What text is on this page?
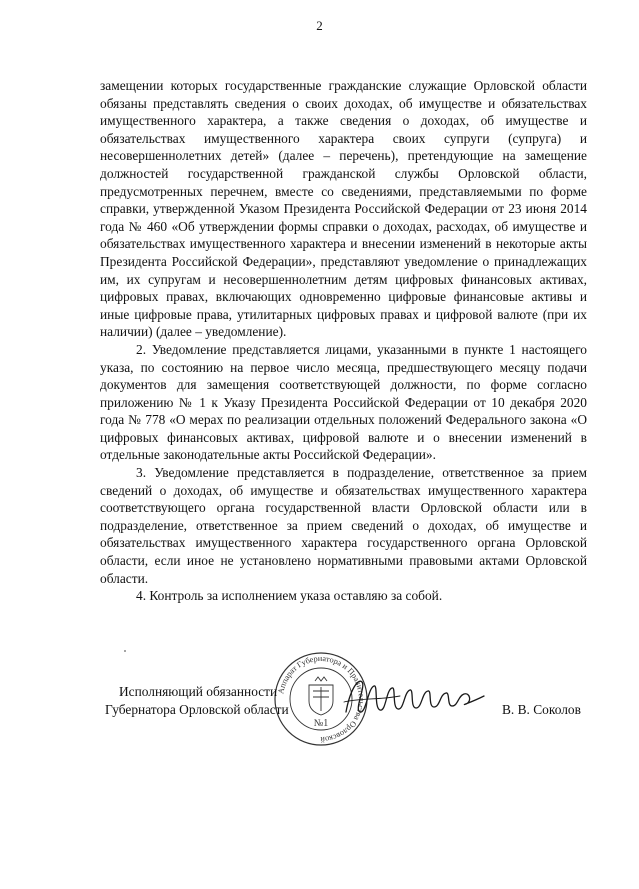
2

замещении которых государственные гражданские служащие Орловской области обязаны представлять сведения о своих доходах, об имуществе и обязательствах имущественного характера, а также сведения о доходах, об имуществе и обязательствах имущественного характера своих супруги (супруга) и несовершеннолетних детей» (далее – перечень), претендующие на замещение должностей государственной гражданской службы Орловской области, предусмотренных перечнем, вместе со сведениями, представляемыми по форме справки, утвержденной Указом Президента Российской Федерации от 23 июня 2014 года № 460 «Об утверждении формы справки о доходах, расходах, об имуществе и обязательствах имущественного характера и внесении изменений в некоторые акты Президента Российской Федерации», представляют уведомление о принадлежащих им, их супругам и несовершеннолетним детям цифровых финансовых активах, цифровых правах, включающих одновременно цифровые финансовые активы и иные цифровые права, утилитарных цифровых правах и цифровой валюте (при их наличии) (далее – уведомление).

2. Уведомление представляется лицами, указанными в пункте 1 настоящего указа, по состоянию на первое число месяца, предшествующего месяцу подачи документов для замещения соответствующей должности, по форме согласно приложению № 1 к Указу Президента Российской Федерации от 10 декабря 2020 года № 778 «О мерах по реализации отдельных положений Федерального закона «О цифровых финансовых активах, цифровой валюте и о внесении изменений в отдельные законодательные акты Российской Федерации».

3. Уведомление представляется в подразделение, ответственное за прием сведений о доходах, об имуществе и обязательствах имущественного характера соответствующего органа государственной власти Орловской области или в подразделение, ответственное за прием сведений о доходах, об имуществе и обязательствах имущественного характера государственного органа Орловской области, если иное не установлено нормативными правовыми актами Орловской области.

4. Контроль за исполнением указа оставляю за собой.

Аппарат Губернатора и Правительства Орловской
№1
Исполняющий обязанности
Губернатора Орловской области	В. В. Соколов
